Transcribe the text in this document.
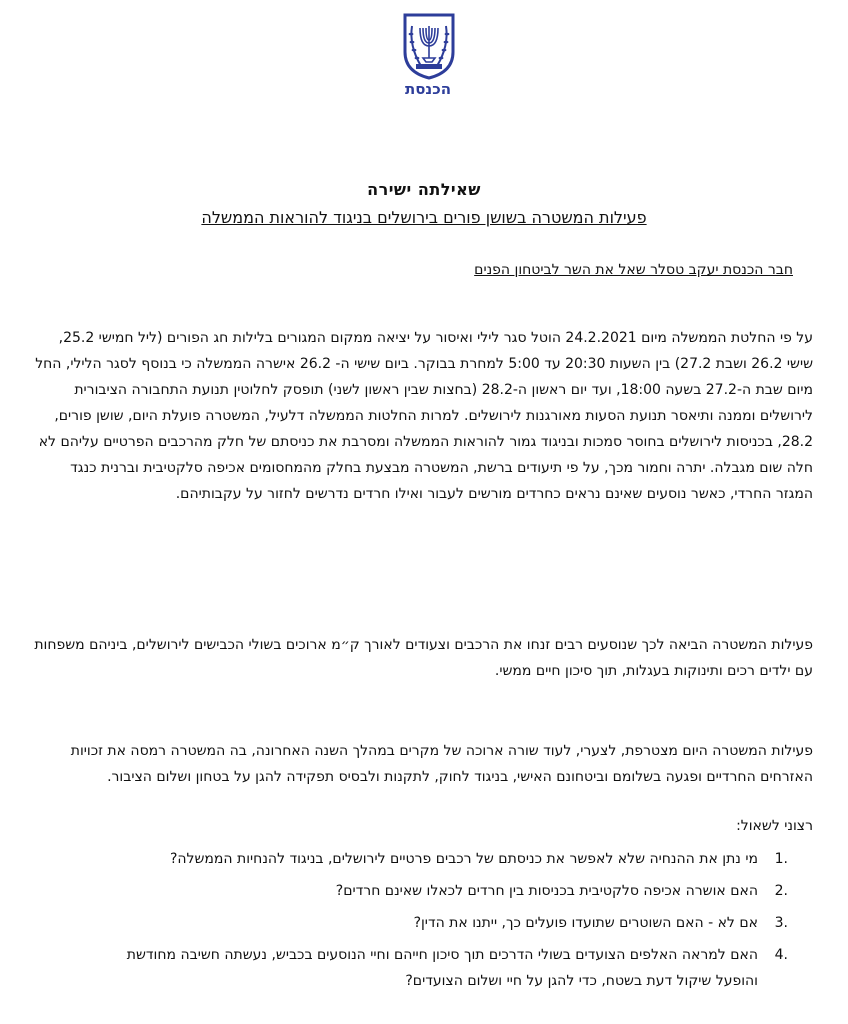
הכנסת
שאילתה ישירה
פעילות המשטרה בשושן פורים בירושלים בניגוד להוראות הממשלה
חבר הכנסת יעקב טסלר שאל את השר לביטחון הפנים
על פי החלטת הממשלה מיום 24.2.2021 הוטל סגר לילי ואיסור על יציאה ממקום המגורים בלילות חג הפורים (ליל חמישי 25.2, שישי 26.2 ושבת 27.2) בין השעות 20:30 עד 5:00 למחרת בבוקר. ביום שישי ה- 26.2 אישרה הממשלה כי בנוסף לסגר הלילי, החל מיום שבת ה-27.2 בשעה 18:00, ועד יום ראשון ה-28.2 (בחצות שבין ראשון לשני) תופסק לחלוטין תנועת התחבורה הציבורית לירושלים וממנה ותיאסר תנועת הסעות מאורגנות לירושלים. למרות החלטות הממשלה דלעיל, המשטרה פועלת היום, שושן פורים, 28.2, בכניסות לירושלים בחוסר סמכות ובניגוד גמור להוראות הממשלה ומסרבת את כניסתם של חלק מהרכבים הפרטיים עליהם לא חלה שום מגבלה. יתרה וחמור מכך, על פי תיעודים ברשת, המשטרה מבצעת בחלק מהמחסומים אכיפה סלקטיבית וברנית כנגד המגזר החרדי, כאשר נוסעים שאינם נראים כחרדים מורשים לעבור ואילו חרדים נדרשים לחזור על עקבותיהם.
פעילות המשטרה הביאה לכך שנוסעים רבים זנחו את הרכבים וצעודים לאורך ק״מ ארוכים בשולי הכבישים לירושלים, ביניהם משפחות עם ילדים רכים ותינוקות בעגלות, תוך סיכון חיים ממשי.
פעילות המשטרה היום מצטרפת, לצערי, לעוד שורה ארוכה של מקרים במהלך השנה האחרונה, בה המשטרה רמסה את זכויות האזרחים החרדיים ופגעה בשלומם וביטחונם האישי, בניגוד לחוק, לתקנות ולבסיס תפקידה להגן על בטחון ושלום הציבור.
רצוני לשאול:
.1
מי נתן את ההנחיה שלא לאפשר את כניסתם של רכבים פרטיים לירושלים, בניגוד להנחיות הממשלה?
.2
האם אושרה אכיפה סלקטיבית בכניסות בין חרדים לכאלו שאינם חרדים?
.3
אם לא - האם השוטרים שתועדו פועלים כך, ייתנו את הדין?
.4
האם למראה האלפים הצועדים בשולי הדרכים תוך סיכון חייהם וחיי הנוסעים בכביש, נעשתה חשיבה מחודשת והופעל שיקול דעת בשטח, כדי להגן על חיי ושלום הצועדים?
